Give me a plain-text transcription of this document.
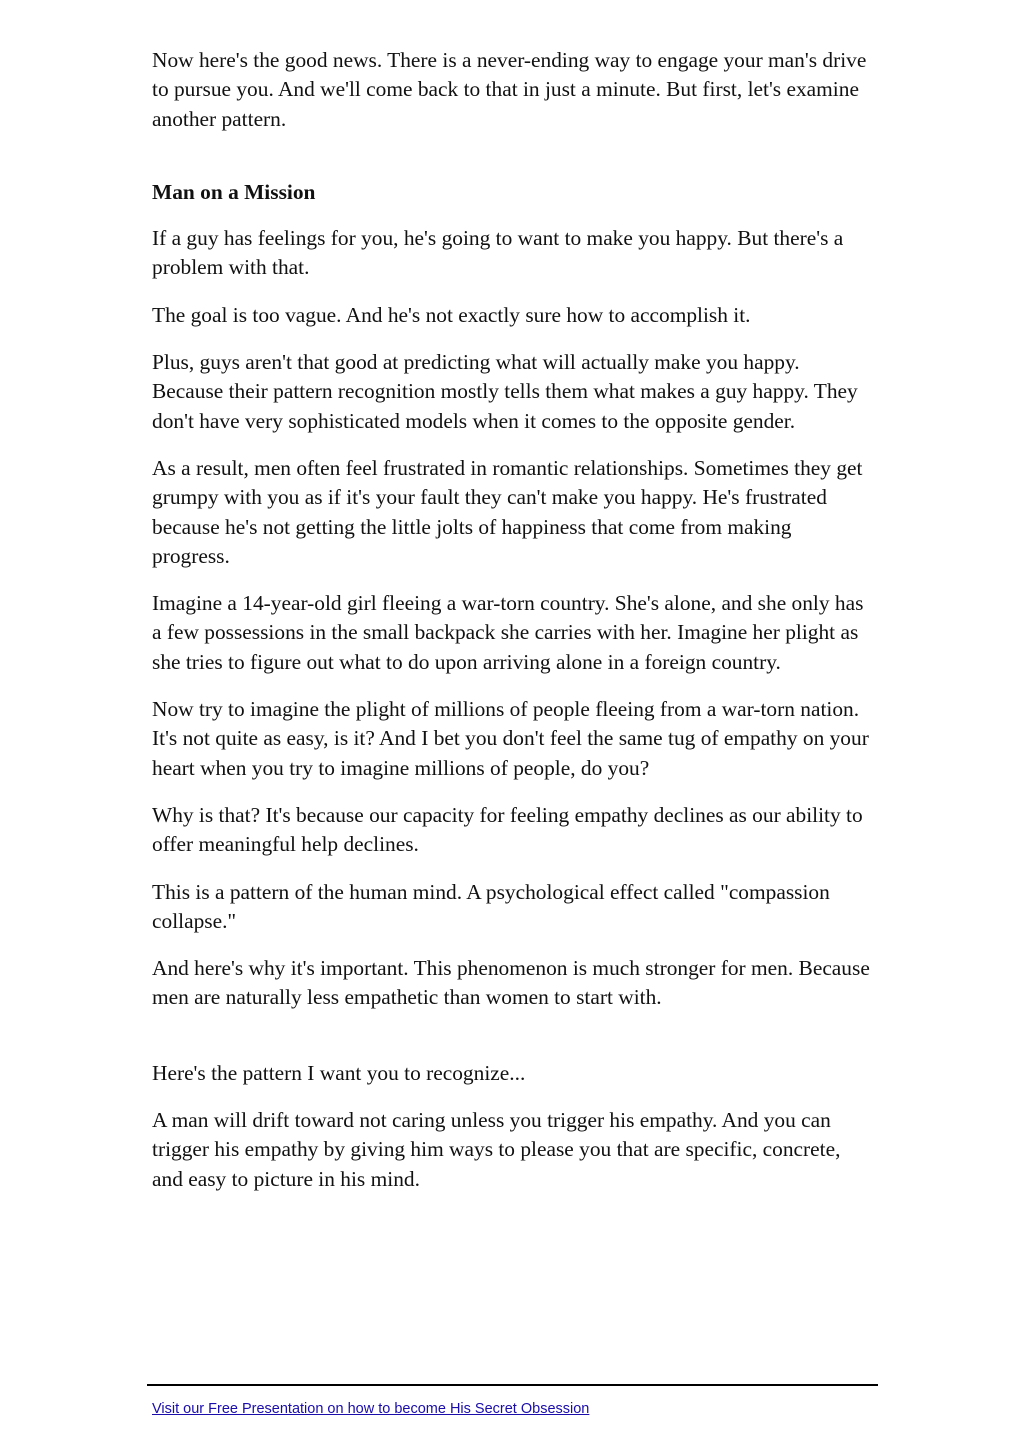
Now here's the good news. There is a never-ending way to engage your man's drive to pursue you. And we'll come back to that in just a minute. But first, let's examine another pattern.

Man on a Mission

If a guy has feelings for you, he's going to want to make you happy. But there's a problem with that.

The goal is too vague. And he's not exactly sure how to accomplish it.

Plus, guys aren't that good at predicting what will actually make you happy. Because their pattern recognition mostly tells them what makes a guy happy. They don't have very sophisticated models when it comes to the opposite gender.

As a result, men often feel frustrated in romantic relationships. Sometimes they get grumpy with you as if it's your fault they can't make you happy. He's frustrated because he's not getting the little jolts of happiness that come from making progress.

Imagine a 14-year-old girl fleeing a war-torn country. She's alone, and she only has a few possessions in the small backpack she carries with her. Imagine her plight as she tries to figure out what to do upon arriving alone in a foreign country.

Now try to imagine the plight of millions of people fleeing from a war-torn nation. It's not quite as easy, is it? And I bet you don't feel the same tug of empathy on your heart when you try to imagine millions of people, do you?

Why is that? It's because our capacity for feeling empathy declines as our ability to offer meaningful help declines.

This is a pattern of the human mind. A psychological effect called "compassion collapse."

And here's why it's important. This phenomenon is much stronger for men. Because men are naturally less empathetic than women to start with.

Here's the pattern I want you to recognize...

A man will drift toward not caring unless you trigger his empathy. And you can trigger his empathy by giving him ways to please you that are specific, concrete, and easy to picture in his mind.

Visit our Free Presentation on how to become His Secret Obsession
